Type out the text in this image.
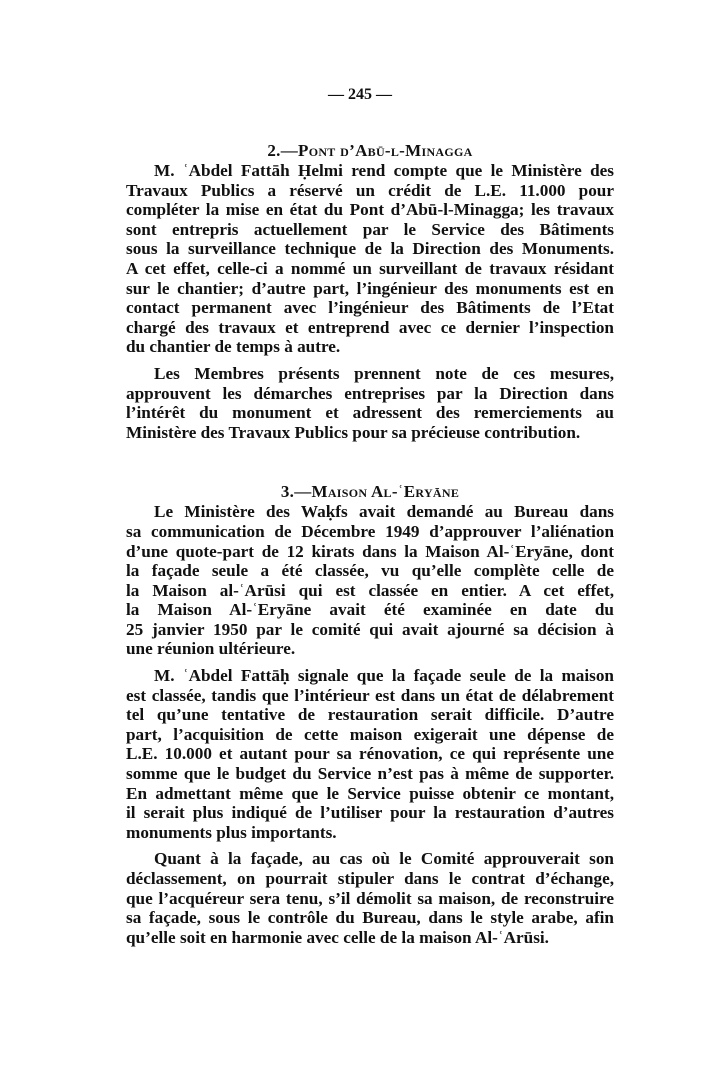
— 245 —
2.—Pont d’Abū-l-Minagga
M. ʿAbdel Fattāh Ḥelmi rend compte que le Ministère des
Travaux Publics a réservé un crédit de L.E. 11.000 pour
compléter la mise en état du Pont d’Abū-l-Minagga; les travaux
sont entrepris actuellement par le Service des Bâtiments
sous la surveillance technique de la Direction des Monuments.
A cet effet, celle-ci a nommé un surveillant de travaux résidant
sur le chantier; d’autre part, l’ingénieur des monuments est en
contact permanent avec l’ingénieur des Bâtiments de l’Etat
chargé des travaux et entreprend avec ce dernier l’inspection
du chantier de temps à autre.
Les Membres présents prennent note de ces mesures,
approuvent les démarches entreprises par la Direction dans
l’intérêt du monument et adressent des remerciements au
Ministère des Travaux Publics pour sa précieuse contribution.
3.—Maison Al-ʿEryāne
Le Ministère des Waḳfs avait demandé au Bureau dans
sa communication de Décembre 1949 d’approuver l’aliénation
d’une quote-part de 12 kirats dans la Maison Al-ʿEryāne, dont
la façade seule a été classée, vu qu’elle complète celle de
la Maison al-ʿArūsi qui est classée en entier. A cet effet,
la Maison Al-ʿEryāne avait été examinée en date du
25 janvier 1950 par le comité qui avait ajourné sa décision à
une réunion ultérieure.
M. ʿAbdel Fattāḥ signale que la façade seule de la maison
est classée, tandis que l’intérieur est dans un état de délabrement
tel qu’une tentative de restauration serait difficile. D’autre
part, l’acquisition de cette maison exigerait une dépense de
L.E. 10.000 et autant pour sa rénovation, ce qui représente une
somme que le budget du Service n’est pas à même de supporter.
En admettant même que le Service puisse obtenir ce montant,
il serait plus indiqué de l’utiliser pour la restauration d’autres
monuments plus importants.
Quant à la façade, au cas où le Comité approuverait son
déclassement, on pourrait stipuler dans le contrat d’échange,
que l’acquéreur sera tenu, s’il démolit sa maison, de reconstruire
sa façade, sous le contrôle du Bureau, dans le style arabe, afin
qu’elle soit en harmonie avec celle de la maison Al-ʿArūsi.
